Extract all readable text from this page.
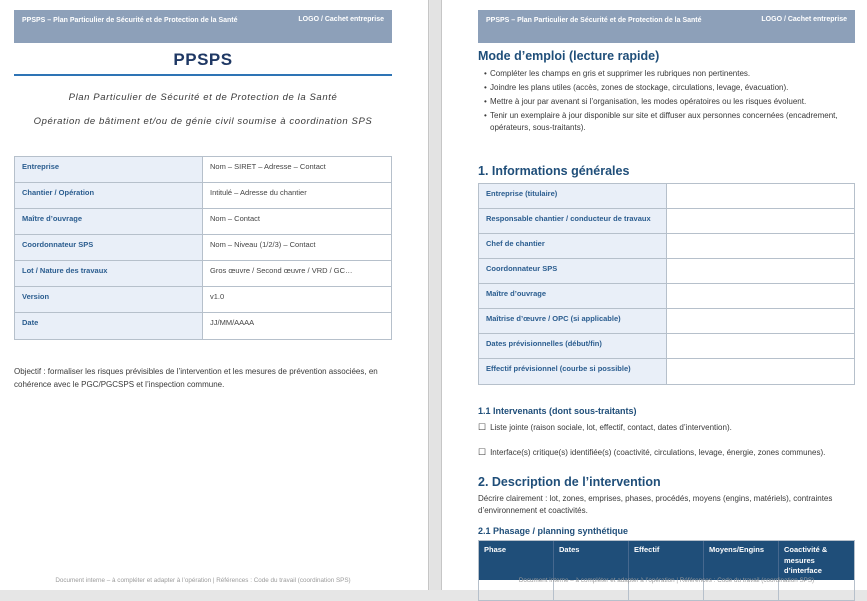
PPSPS – Plan Particulier de Sécurité et de Protection de la Santé	LOGO / Cachet entreprise
PPSPS
Plan Particulier de Sécurité et de Protection de la Santé
Opération de bâtiment et/ou de génie civil soumise à coordination SPS
Entreprise	Nom – SIRET – Adresse – Contact
Chantier / Opération	Intitulé – Adresse du chantier
Maître d’ouvrage	Nom – Contact
Coordonnateur SPS	Nom – Niveau (1/2/3) – Contact
Lot / Nature des travaux	Gros œuvre / Second œuvre / VRD / GC…
Version	v1.0
Date	JJ/MM/AAAA
Objectif : formaliser les risques prévisibles de l’intervention et les mesures de prévention associées, en cohérence avec le PGC/PGCSPS et l’inspection commune.
Document interne – à compléter et adapter à l’opération | Références : Code du travail (coordination SPS)
PPSPS – Plan Particulier de Sécurité et de Protection de la Santé	LOGO / Cachet entreprise
Mode d’emploi (lecture rapide)
• Compléter les champs en gris et supprimer les rubriques non pertinentes.
• Joindre les plans utiles (accès, zones de stockage, circulations, levage, évacuation).
• Mettre à jour par avenant si l’organisation, les modes opératoires ou les risques évoluent.
• Tenir un exemplaire à jour disponible sur site et diffuser aux personnes concernées (encadrement, opérateurs, sous-traitants).
1. Informations générales
Entreprise (titulaire)
Responsable chantier / conducteur de travaux
Chef de chantier
Coordonnateur SPS
Maître d’ouvrage
Maîtrise d’œuvre / OPC (si applicable)
Dates prévisionnelles (début/fin)
Effectif prévisionnel (courbe si possible)
1.1 Intervenants (dont sous-traitants)
☐ Liste jointe (raison sociale, lot, effectif, contact, dates d’intervention).
☐ Interface(s) critique(s) identifiée(s) (coactivité, circulations, levage, énergie, zones communes).
2. Description de l’intervention
Décrire clairement : lot, zones, emprises, phases, procédés, moyens (engins, matériels), contraintes d’environnement et coactivités.
2.1 Phasage / planning synthétique
Phase	Dates	Effectif	Moyens/Engins	Coactivité & mesures d’interface
Document interne – à compléter et adapter à l’opération | Références : Code du travail (coordination SPS)
